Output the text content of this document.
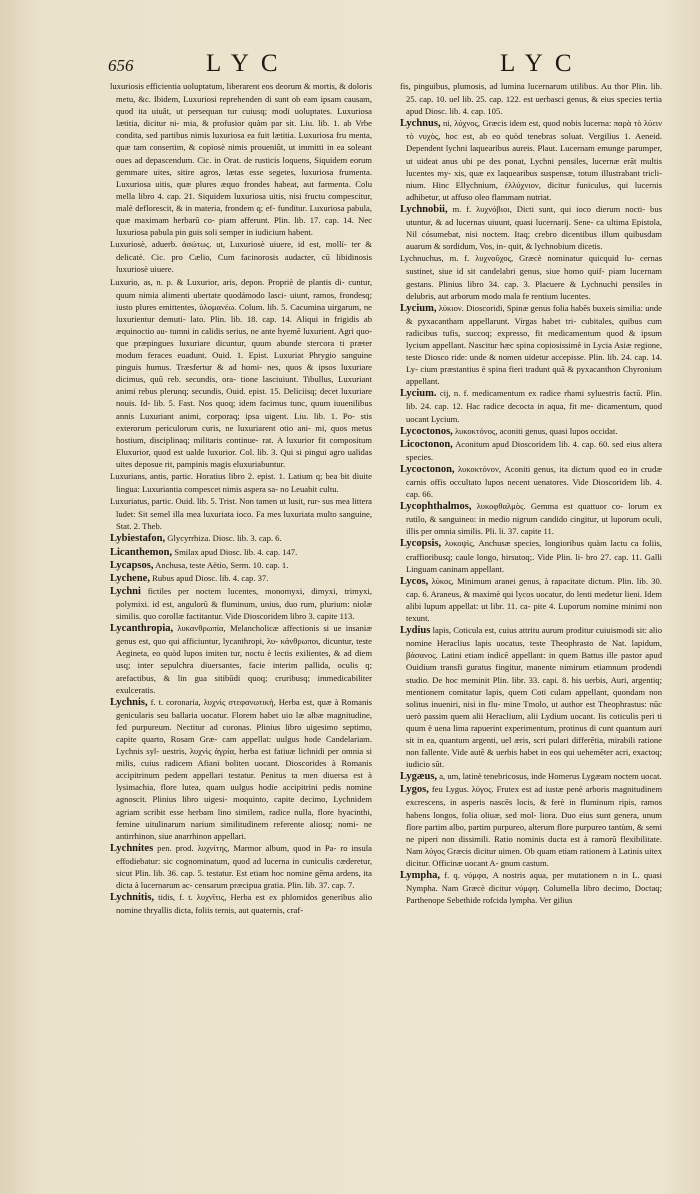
656	LYC	LYC

luxuriosis efficientia uoluptatum, liberarent eos deorum & mortis, & doloris metu, &c. Ibidem, Luxuriosi reprehenden di sunt ob eam ipsam causam, quod ita uiuât, ut persequan tur cuiusq; modi uoluptates. Luxuriosa lætitia, dicitur ni- mia, & profusior quàm par sit. Liu. lib. 1. ab Vrbe condita, sed partibus nimis luxuriosa ea fuit lætitia. Luxuriosa fru menta, quæ tam consertim, & copiosè nimis proueniût, ut immitti in ea soleant oues ad depascendum. Cic. in Orat. de rusticis loquens, Siquidem eorum gemmare uites, sitire agros, lætas esse segetes, luxuriosa frumenta. Luxuriosa uitis, quæ plures æquo frondes habeat, aut farmenta. Colu mella libro 4. cap. 21. Siquidem luxuriosa uitis, nisi fructu compescitur, malè deflorescit, & in materia, frondem q; ef- funditur. Luxuriosa pabula, quæ maximam herbarū co- piam afferunt. Plin. lib. 17. cap. 14. Nec luxuriosa pabula pin guis soli semper in iudicium habent.

Luxuriosè, aduerb. ἀσώτως. ut, Luxuriosè uiuere, id est, mollí- ter & delicatè. Cic. pro Cælio, Cum facinorosis audacter, cū libidinosis luxuriosè uiuere.

Luxurio, as, n. p. & Luxurior, aris, depon. Propriè de plantis di- cuntur, quum nimia alimenti ubertate quodámodo lasci- uiunt, ramos, frondesq; iusto plures emittentes, ὑλομανέω. Colum. lib. 5. Cacumina uirgarum, ne luxurientur demuti- lato. Plin. lib. 18. cap. 14. Aliqui in frigidis ab æquinoctio au- tumni in calidis serius, ne ante hyemē luxurient. Agri quo- que præpingues luxuriare dicuntur, quum abunde stercora ti præter modum feraces euadunt. Ouid. 1. Epist. Luxuriat Phrygio sanguine pinguis humus. Træsfertur & ad homi- nes, quos & ipsos luxuriare dicimus, quū reb. secundis, ora- tione lasciuiunt. Tibullus, Luxuriant animi rebus plerunq; secundis, Ouid. epist. 15. Deliciisq; decet luxuriare nouis. Id- lib. 5. Fast. Nos quoq; idem facimus tunc, quum iuuenilibus annis Luxuriant animi, corporaq; ipsa uigent. Liu. lib. 1. Po- stis exterorum periculorum curis, ne luxuriarent otio ani- mi, quos metus hostium, disciplinaq; militaris continue- rat. A luxurior fit compositum Eluxurior, quod est ualde luxurior. Col. lib. 3. Qui si pingui agro ualidas uites deposue rit, pampinis magis eluxuriabuntur.

Luxurians, antis, partic. Horatius libro 2. epist. 1. Latium q; bea bit diuite lingua: Luxuriantia compescet nimis aspera sa- no Leuabit cultu.

Luxuriatus, partic. Ouid. lib. 5. Trist. Non tamen ut lusit, rur- sus mea littera ludet: Sit semel illa mea luxuriata ioco. Fa mes luxuriata multo sanguine, Stat. 2. Theb.

Lybiestafon, Glycyrrhiza. Diosc. lib. 3. cap. 6.

Licanthemon, Smilax apud Diosc. lib. 4. cap. 147.

Lycapsos, Anchusa, teste Aëtio, Serm. 10. cap. 1.

Lychene, Rubus apud Diosc. lib. 4. cap. 37.

Lychni fictiles per noctem lucentes, monomyxi, dimyxi, trimyxi, polymixi. id est, angulorū & fluminum, unius, duo rum, plurium: niolæ similis. quo corollæ factitantur. Vide Dioscoridem libro 3. capite 113.

Lycanthropia, λυκανθρωπία, Melancholicæ affectionis si ue insaniæ genus est, quo qui afficiuntur, lycanthropi, λυ- κάνθρωποι, dicuntur, teste Aegineta, eo quòd lupos imiten tur, noctu è lectis exilientes, & ad diem usq; inter sepulchra diuersantes, facie interim pallida, oculis q; arefactibus, & lin gua sitibūdi quoq; cruribusq; immedicabiliter exulceratis.

Lychnis, f. t. coronaria, λυχνὶς στεφανωτική, Herba est, quæ à Romanis genicularis seu ballaria uocatur. Florem habet uio læ albæ magnitudine, fed purpureum. Nectitur ad coronas. Plinius libro uigesimo septimo, capite quarto, Rosam Græ- cam appellat: uulgus hode Candelariam. Lychnis syl- uestris, λυχνὶς ἀγρία, herba est fatiuæ lichnidi per omnia si milis, cuius radicem Afiani boliten uocant. Dioscorides à Romanis accipitrinum pedem appellari testatur. Penitus ta men diuersa est à lysimachia, flore lutea, quam uulgus hodie accipitrini pedis nomine agnoscit. Plinius libro uigesi- moquinto, capite decimo, Lychnidem agriam scribit esse herbam lino similem, radice nulla, flore hyacinthi, femine uitulinarum narium similitudinem referente aliosq; nomi- ne antirrhinon, siue anarrhinon appellari.

Lychnites pen. prod. λυχνίτης, Marmor album, quod in Pa- ro insula effodiebatur: sic cognominatum, quod ad lucerna in cuniculis cæderetur, sicut Plin. lib. 36. cap. 5. testatur. Est etiam hoc nomine gēma ardens, ita dicta à lucernarum ac- censarum præcipua gratia. Plin. lib. 37. cap. 7.

Lychnitis, tidis, f. t. λυχνῖτις, Herba est ex phlomidos generibus alio nomine thryallis dicta, foliis ternis, aut quaternis, craf-

fis, pinguibus, plumosis, ad lumina lucernarum utilibus. Au thor Plin. lib. 25. cap. 10. uel lib. 25. cap. 122. est uerbasci genus, & eius species tertia apud Diosc. lib. 4. cap. 105.

Lychnus, ni, λύχνος, Græcis idem est, quod nobis lucerna: παρὰ τὸ λύειν τὸ νυχὸς, hoc est, ab eo quòd tenebras soluat. Vergilius 1. Aeneid. Dependent lychni laquearibus aureis. Plaut. Lucernam emunge parumper, ut uideat anus ubi pe des ponat, Lychni pensiles, lucernæ erāt multis lucentes my- xis, quæ ex laquearibus suspensæ, totum illustrabant tricli- nium. Hinc Ellychnium, ἐλλύχνιον, dicitur funiculus, qui lucernis adhibetur, ut affuso oleo flammam nutriat.

Lychnobii, m. f. λυχνόβιοι, Dicti sunt, qui ioco dierum nocti- bus utuntur, & ad lucernas uiuunt, quasi lucernarij. Sene- ca ultima Epistola, Nil cósumebat, nisi noctem. Itaq; crebro dicentibus illum quibusdam auarum & sordidum, Vos, in- quit, & lychnobium dicetis.

Lychnuchus, m. f. λυχνοῦχος, Græcè nominatur quicquid lu- cernas sustinet, siue id sit candelabri genus, siue homo quif- piam lucernam gestans. Plinius libro 34. cap. 3. Placuere & Lychnuchi pensiles in delubris, aut arborum modo mala fe rentium lucentes.

Lycium, λύκιον. Dioscoridi, Spinæ genus folia habēs buxeis similia: unde & pyxacantham appellarunt. Virgas habet tri- cubitales, quibus cum radicibus tufis, succoq; expresso, fit medicamentum quod & ipsum lycium appellant. Nascitur hæc spina copiosissimè in Lycia Asiæ regione, teste Diosco ride: unde & nomen uidetur accepisse. Plin. lib. 24. cap. 14. Ly- cium præstantius è spina fieri tradunt quā & pyxacanthon Chyronium appellant.

Lycium. cij, n. f. medicamentum ex radice rhami syluestris factū. Plin. lib. 24. cap. 12. Hac radice decocta in aqua, fit me- dicamentum, quod uocant Lycium.

Lycoctonos, λυκοκτόνος, aconiti genus, quasi lupos occidat.

Licoctonon, Aconitum apud Dioscoridem lib. 4. cap. 60. sed eius altera species.

Lycoctonon, λυκοκτόνον, Aconiti genus, ita dictum quod eo in crudæ carnis offis occultato lupos necent uenatores. Vide Dioscoridem lib. 4. cap. 66.

Lycophthalmos, λυκοφθαλμὸς. Gemma est quattuor co- lorum ex rutilo, & sanguineo: in medio nigrum candido cingitur, ut luporum oculi, illis per omnia similis. Pli. li. 37. capite 11.

Lycopsis, λυκοψὶς, Anchusæ species, longioribus quàm lactu ca foliis, craffioribusq; caule longo, hirsutoq;. Vide Plin. li- bro 27. cap. 11. Galli Linguam caninam appellant.

Lycos, λύκος, Minimum aranei genus, à rapacitate dictum. Plin. lib. 30. cap. 6. Araneus, & maximè qui lycos uocatur, do lenti medetur lieni. Idem alibi lupum appellat: ut libr. 11. ca- pite 4. Luporum nomine minimi non texunt.

Lydius lapis, Coticula est, cuius attritu aurum proditur cuiuismodi sit: alio nomine Heraclius lapis uocatus, teste Theophrasto de Nat. lapidum, βάσανος. Latini etiam indicē appellant: in quem Battus ille pastor apud Ouidium transfi guratus fingitur, manente nimirum etiamnum prodendi studio. De hoc meminit Plin. libr. 33. capi. 8. his uerbis, Auri, argentiq; mentionem comitatur lapis, quem Coti culam appellant, quondam non solitus inueniri, nisi in flu- mine Tmolo, ut author est Theophrastus: nūc uerò passim quem alii Heraclium, alii Lydium uocant. Iis coticulis peri ti quum è uena lima rapuerint experimentum, protinus di cunt quantum auri sit in ea, quantum argenti, uel æris, scri pulari differētia, mirabili ratione non fallente. Vide autē & uerbis habet in eos qui uehemēter acri, exactoq; iudicio sūt.

Lygæus, a, um, latinè tenebricosus, inde Homerus Lygæam noctem uocat.

Lygos, feu Lygus. λύγος. Frutex est ad iustæ penè arboris magnitudinem excrescens, in asperis nascēs locis, & ferè in fluminum ripis, ramos habens longos, folia oliuæ, sed mol- liora. Duo eius sunt genera, unum flore partim albo, partim purpureo, alterum flore purpureo tantùm, & semi ne piperi non dissimili. Ratio nominis ducta est à ramorū flexibilitate. Nam λύγος Græcis dicitur uimen. Ob quam etiam rationem à Latinis uitex dicitur. Officinæ uocant A- gnum castum.

Lympha, f. q. νύμφα, A nostris aqua, per mutationem n in L. quasi Nympha. Nam Græcè dicitur νύμφη. Columella libro decimo, Doctaq; Parthenope Sebethide rofcida lympha. Ver gilius
